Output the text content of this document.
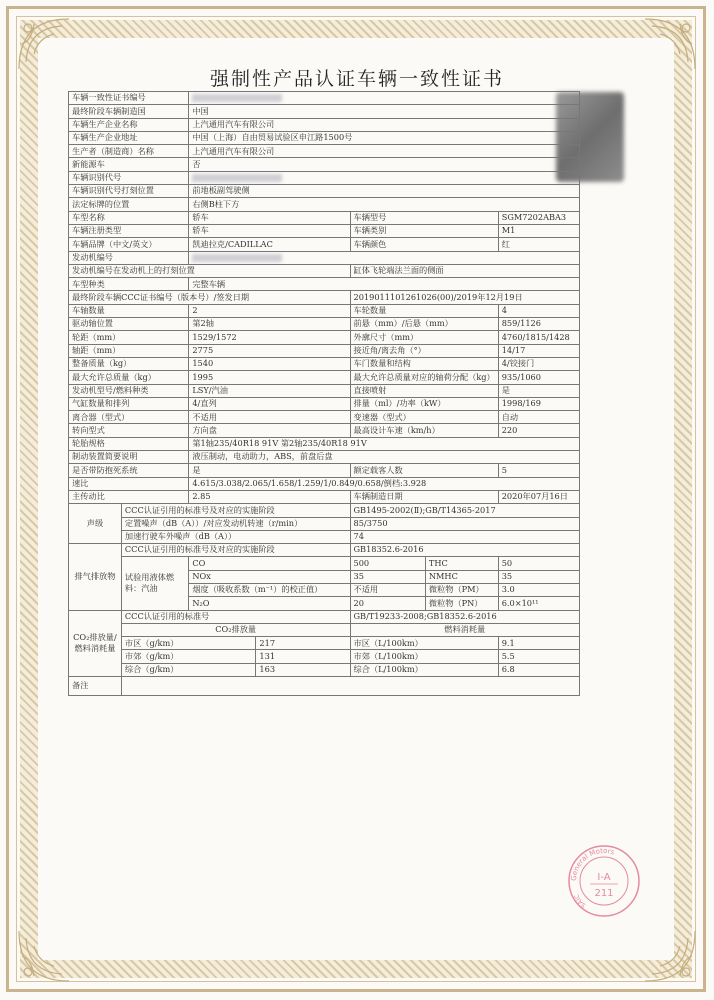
强制性产品认证车辆一致性证书
车辆一致性证书编号						
最终阶段车辆制造国		中国				
车辆生产企业名称		上汽通用汽车有限公司				
车辆生产企业地址		中国（上海）自由贸易试验区申江路1500号				
生产者（制造商）名称		上汽通用汽车有限公司				
新能源车		否				
车辆识别代号						
车辆识别代号打刻位置		前地板副驾驶侧				
法定标牌的位置		右侧B柱下方				
车型名称		轿车		车辆型号		SGM7202ABA3
车辆注册类型		轿车		车辆类别		M1
车辆品牌（中文/英文）		凯迪拉克/CADILLAC		车辆颜色		红
发动机编号						
发动机编号在发动机上的打刻位置				缸体飞轮端法兰面的侧面		
车型种类		完整车辆				
最终阶段车辆CCC证书编号（版本号）/签发日期				2019011101261026(00)/2019年12月19日		
车轴数量		2		车轮数量		4
驱动轴位置		第2轴		前悬（mm）/后悬（mm）		859/1126
轮距（mm）		1529/1572		外廓尺寸（mm）		4760/1815/1428
轴距（mm）		2775		接近角/离去角（°）		14/17
整备质量（kg）		1540		车门数量和结构		4/铰接门
最大允许总质量（kg）		1995		最大允许总质量对应的轴荷分配（kg）		935/1060
发动机型号/燃料种类		LSY/汽油		直接喷射		是
气缸数量和排列		4/直列		排量（ml）/功率（kW）		1998/169
离合器（型式）		不适用		变速器（型式）		自动
转向型式		方向盘		最高设计车速（km/h）		220
轮胎规格		第1轴235/40R18 91V 第2轴235/40R18 91V				
制动装置简要说明		液压制动，电动助力，ABS，前盘后盘				
是否带防抱死系统		是		额定载客人数		5
速比		4.615/3.038/2.065/1.658/1.259/1/0.849/0.658/倒档:3.928				
主传动比		2.85		车辆制造日期		2020年07月16日
声级	CCC认证引用的标准号及对应的实施阶段			GB1495-2002(Ⅱ);GB/T14365-2017		
	定置噪声（dB（A））/对应发动机转速（r/min）			85/3750		
	加速行驶车外噪声（dB（A））			74		
排气排放物	CCC认证引用的标准号及对应的实施阶段			GB18352.6-2016		
	试验用液体燃料：汽油	CO		500	THC	50
		NOx		35	NMHC	35
		烟度（吸收系数（m⁻¹）的校正值）		不适用	微粒物（PM）	3.0
		N₂O		20	微粒物（PN）	6.0×10¹¹
CO₂排放量/燃料消耗量	CCC认证引用的标准号			GB/T19233-2008;GB18352.6-2016		
	CO₂排放量			燃料消耗量		
	市区（g/km）		217	市区（L/100km）		9.1
	市郊（g/km）		131	市郊（L/100km）		5.5
	综合（g/km）		163	综合（L/100km）		6.8
备注						
General Motors
SAIC
I-A
211
